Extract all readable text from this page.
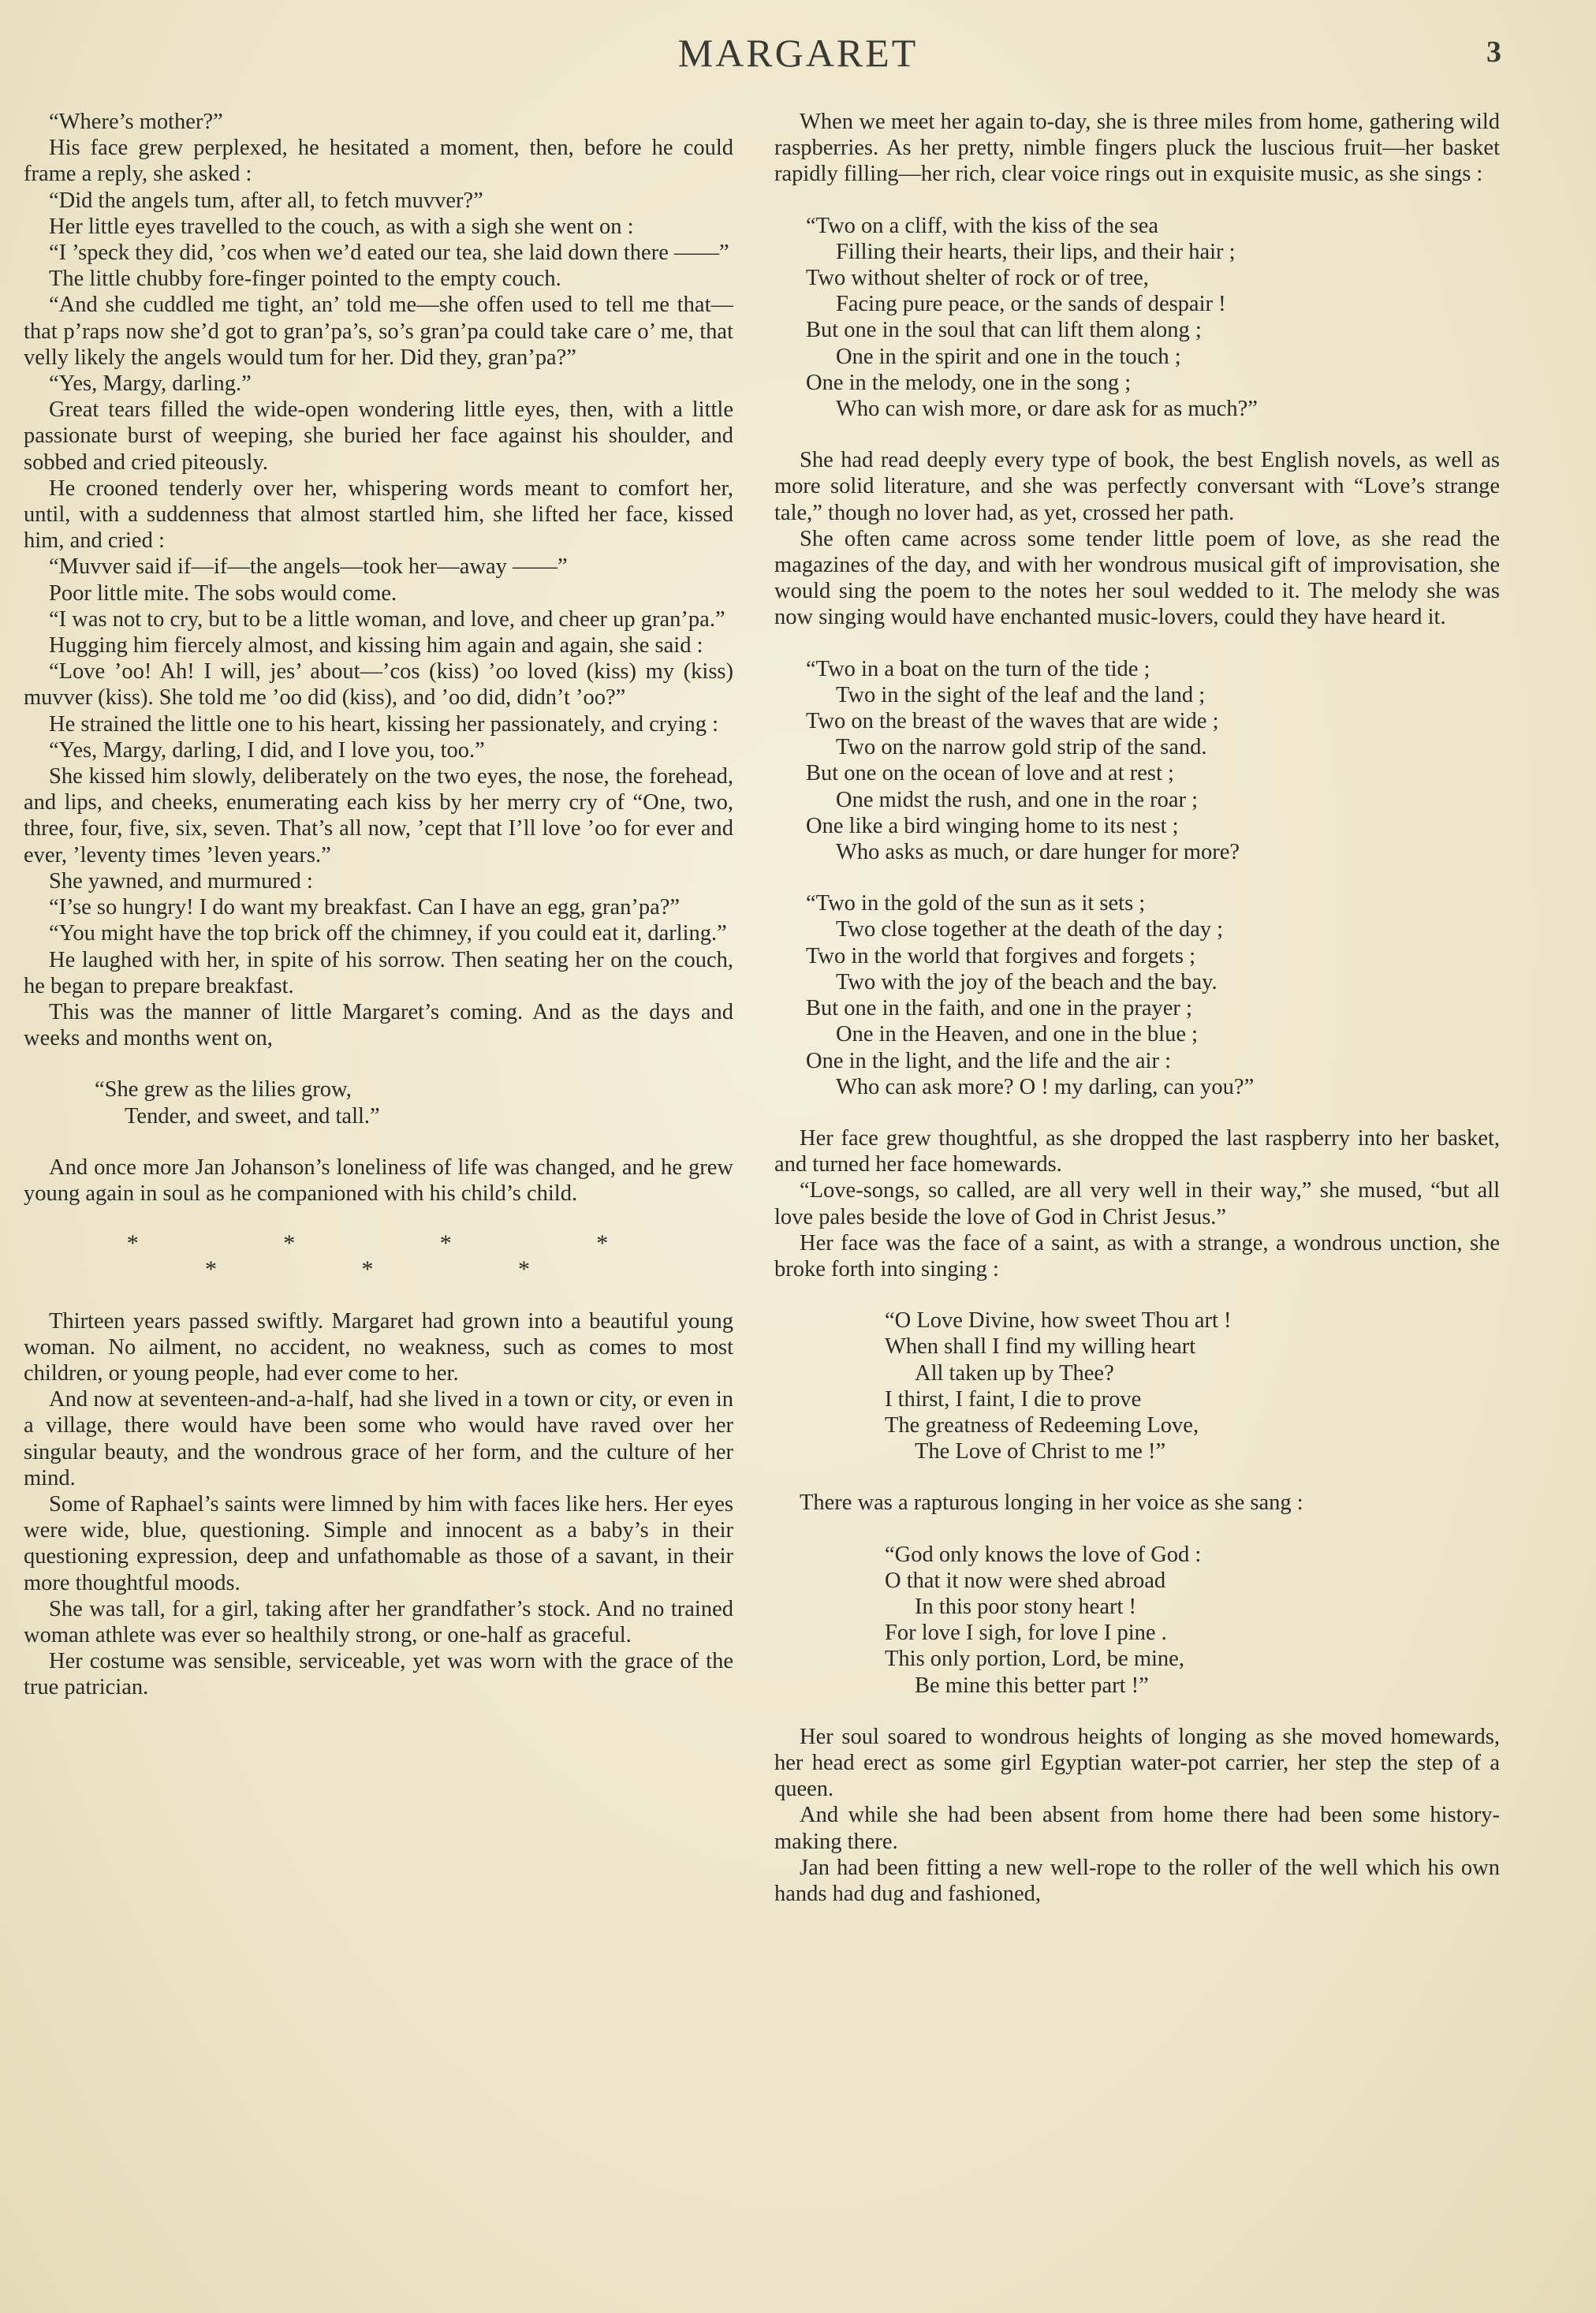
MARGARET	3

“Where’s mother?”

His face grew perplexed, he hesitated a moment, then, before he could frame a reply, she asked :

“Did the angels tum, after all, to fetch muvver?”

Her little eyes travelled to the couch, as with a sigh she went on :

“I ’speck they did, ’cos when we’d eated our tea, she laid down there ——”

The little chubby fore-finger pointed to the empty couch.

“And she cuddled me tight, an’ told me—she offen used to tell me that—that p’raps now she’d got to gran’pa’s, so’s gran’pa could take care o’ me, that velly likely the angels would tum for her. Did they, gran’pa?”

“Yes, Margy, darling.”

Great tears filled the wide-open wondering little eyes, then, with a little passionate burst of weeping, she buried her face against his shoulder, and sobbed and cried piteously.

He crooned tenderly over her, whispering words meant to comfort her, until, with a suddenness that almost startled him, she lifted her face, kissed him, and cried :

“Muvver said if—if—the angels—took her—away ——”

Poor little mite. The sobs would come.

“I was not to cry, but to be a little woman, and love, and cheer up gran’pa.”

Hugging him fiercely almost, and kissing him again and again, she said :

“Love ’oo! Ah! I will, jes’ about—’cos (kiss) ’oo loved (kiss) my (kiss) muvver (kiss). She told me ’oo did (kiss), and ’oo did, didn’t ’oo?”

He strained the little one to his heart, kissing her passionately, and crying :

“Yes, Margy, darling, I did, and I love you, too.”

She kissed him slowly, deliberately on the two eyes, the nose, the forehead, and lips, and cheeks, enumerating each kiss by her merry cry of “One, two, three, four, five, six, seven. That’s all now, ’cept that I’ll love ’oo for ever and ever, ’leventy times ’leven years.”

She yawned, and murmured :

“I’se so hungry! I do want my breakfast. Can I have an egg, gran’pa?”

“You might have the top brick off the chimney, if you could eat it, darling.”

He laughed with her, in spite of his sorrow. Then seating her on the couch, he began to prepare breakfast.

This was the manner of little Margaret’s coming. And as the days and weeks and months went on,

“She grew as the lilies grow,

Tender, and sweet, and tall.”

And once more Jan Johanson’s loneliness of life was changed, and he grew young again in soul as he companioned with his child’s child.

* * * * * * *

Thirteen years passed swiftly. Margaret had grown into a beautiful young woman. No ailment, no accident, no weakness, such as comes to most children, or young people, had ever come to her.

And now at seventeen-and-a-half, had she lived in a town or city, or even in a village, there would have been some who would have raved over her singular beauty, and the wondrous grace of her form, and the culture of her mind.

Some of Raphael’s saints were limned by him with faces like hers. Her eyes were wide, blue, questioning. Simple and innocent as a baby’s in their questioning expression, deep and unfathomable as those of a savant, in their more thoughtful moods.

She was tall, for a girl, taking after her grandfather’s stock. And no trained woman athlete was ever so healthily strong, or one-half as graceful.

Her costume was sensible, serviceable, yet was worn with the grace of the true patrician.

When we meet her again to-day, she is three miles from home, gathering wild raspberries. As her pretty, nimble fingers pluck the luscious fruit—her basket rapidly filling—her rich, clear voice rings out in exquisite music, as she sings :

“Two on a cliff, with the kiss of the sea

Filling their hearts, their lips, and their hair ;

Two without shelter of rock or of tree,

Facing pure peace, or the sands of despair !

But one in the soul that can lift them along ;

One in the spirit and one in the touch ;

One in the melody, one in the song ;

Who can wish more, or dare ask for as much?”

She had read deeply every type of book, the best English novels, as well as more solid literature, and she was perfectly conversant with “Love’s strange tale,” though no lover had, as yet, crossed her path.

She often came across some tender little poem of love, as she read the magazines of the day, and with her wondrous musical gift of improvisation, she would sing the poem to the notes her soul wedded to it. The melody she was now singing would have enchanted music-lovers, could they have heard it.

“Two in a boat on the turn of the tide ;

Two in the sight of the leaf and the land ;

Two on the breast of the waves that are wide ;

Two on the narrow gold strip of the sand.

But one on the ocean of love and at rest ;

One midst the rush, and one in the roar ;

One like a bird winging home to its nest ;

Who asks as much, or dare hunger for more?

“Two in the gold of the sun as it sets ;

Two close together at the death of the day ;

Two in the world that forgives and forgets ;

Two with the joy of the beach and the bay.

But one in the faith, and one in the prayer ;

One in the Heaven, and one in the blue ;

One in the light, and the life and the air :

Who can ask more? O ! my darling, can you?”

Her face grew thoughtful, as she dropped the last raspberry into her basket, and turned her face homewards.

“Love-songs, so called, are all very well in their way,” she mused, “but all love pales beside the love of God in Christ Jesus.”

Her face was the face of a saint, as with a strange, a wondrous unction, she broke forth into singing :

“O Love Divine, how sweet Thou art !

When shall I find my willing heart

All taken up by Thee?

I thirst, I faint, I die to prove

The greatness of Redeeming Love,

The Love of Christ to me !”

There was a rapturous longing in her voice as she sang :

“God only knows the love of God :

O that it now were shed abroad

In this poor stony heart !

For love I sigh, for love I pine .

This only portion, Lord, be mine,

Be mine this better part !”

Her soul soared to wondrous heights of longing as she moved homewards, her head erect as some girl Egyptian water-pot carrier, her step the step of a queen.

And while she had been absent from home there had been some history-making there.

Jan had been fitting a new well-rope to the roller of the well which his own hands had dug and fashioned,
